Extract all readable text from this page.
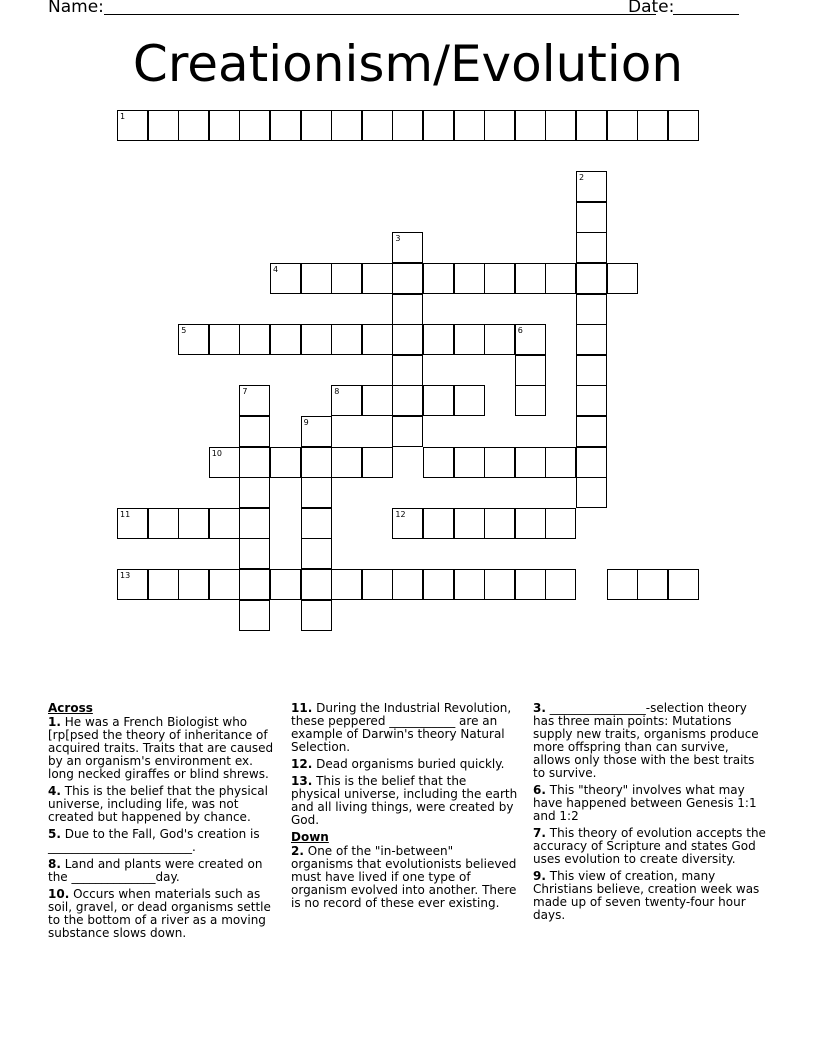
Name:	Date:
Creationism/Evolution
1
2
3
4
5	6
7	8
9
10
11	12
13
Across
1. He was a French Biologist who [rp[psed the theory of inheritance of acquired traits. Traits that are caused by an organism's environment ex. long necked giraffes or blind shrews.
4. This is the belief that the physical universe, including life, was not created but happened by chance.
5. Due to the Fall, God's creation is ________________________.
8. Land and plants were created on the ______________day.
10. Occurs when materials such as soil, gravel, or dead organisms settle to the bottom of a river as a moving substance slows down.
11. During the Industrial Revolution, these peppered ___________ are an example of Darwin's theory Natural Selection.
12. Dead organisms buried quickly.
13. This is the belief that the physical universe, including the earth and all living things, were created by God.
Down
2. One of the "in-between" organisms that evolutionists believed must have lived if one type of organism evolved into another. There is no record of these ever existing.
3. ________________-selection theory has three main points: Mutations supply new traits, organisms produce more offspring than can survive, allows only those with the best traits to survive.
6. This "theory" involves what may have happened between Genesis 1:1 and 1:2
7. This theory of evolution accepts the accuracy of Scripture and states God uses evolution to create diversity.
9. This view of creation, many Christians believe, creation week was made up of seven twenty-four hour days.
